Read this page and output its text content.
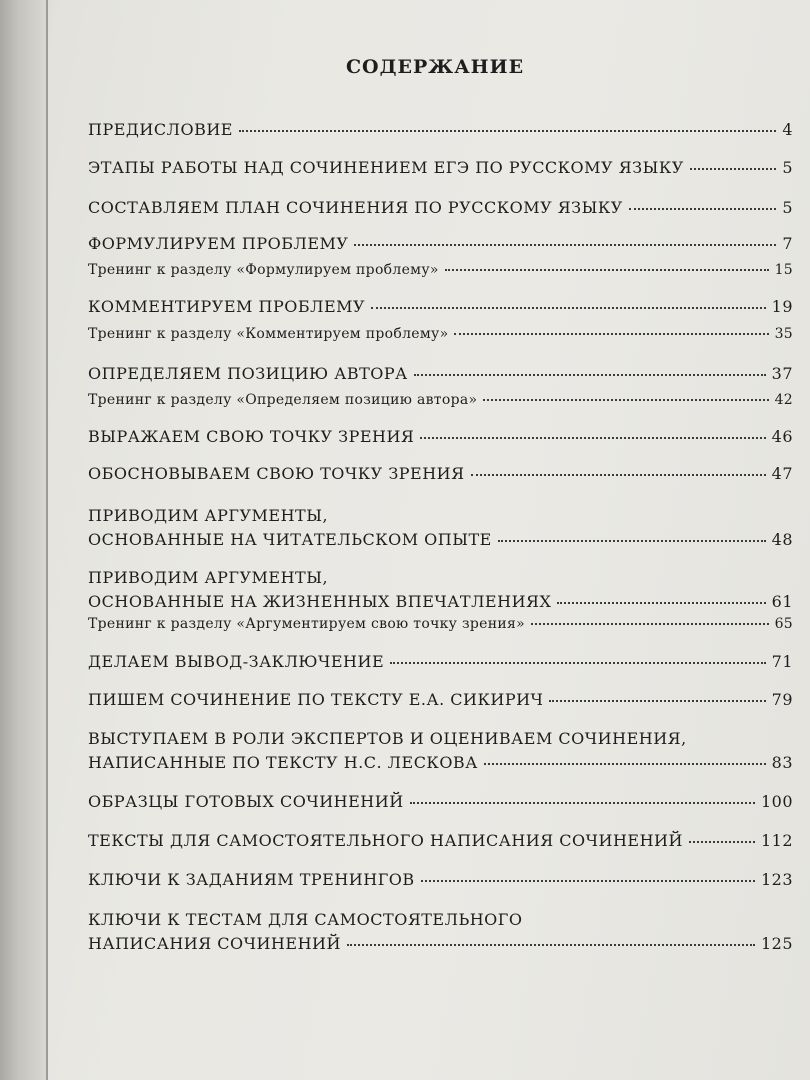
СОДЕРЖАНИЕ
ПРЕДИСЛОВИЕ	4
ЭТАПЫ РАБОТЫ НАД СОЧИНЕНИЕМ ЕГЭ ПО РУССКОМУ ЯЗЫКУ	5
СОСТАВЛЯЕМ ПЛАН СОЧИНЕНИЯ ПО РУССКОМУ ЯЗЫКУ	5
ФОРМУЛИРУЕМ ПРОБЛЕМУ	7
Тренинг к разделу «Формулируем проблему»	15
КОММЕНТИРУЕМ ПРОБЛЕМУ	19
Тренинг к разделу «Комментируем проблему»	35
ОПРЕДЕЛЯЕМ ПОЗИЦИЮ АВТОРА	37
Тренинг к разделу «Определяем позицию автора»	42
ВЫРАЖАЕМ СВОЮ ТОЧКУ ЗРЕНИЯ	46
ОБОСНОВЫВАЕМ СВОЮ ТОЧКУ ЗРЕНИЯ	47
ПРИВОДИМ АРГУМЕНТЫ,
ОСНОВАННЫЕ НА ЧИТАТЕЛЬСКОМ ОПЫТЕ	48
ПРИВОДИМ АРГУМЕНТЫ,
ОСНОВАННЫЕ НА ЖИЗНЕННЫХ ВПЕЧАТЛЕНИЯХ	61
Тренинг к разделу «Аргументируем свою точку зрения»	65
ДЕЛАЕМ ВЫВОД-ЗАКЛЮЧЕНИЕ	71
ПИШЕМ СОЧИНЕНИЕ ПО ТЕКСТУ Е.А. СИКИРИЧ	79
ВЫСТУПАЕМ В РОЛИ ЭКСПЕРТОВ И ОЦЕНИВАЕМ СОЧИНЕНИЯ,
НАПИСАННЫЕ ПО ТЕКСТУ Н.С. ЛЕСКОВА	83
ОБРАЗЦЫ ГОТОВЫХ СОЧИНЕНИЙ	100
ТЕКСТЫ ДЛЯ САМОСТОЯТЕЛЬНОГО НАПИСАНИЯ СОЧИНЕНИЙ	112
КЛЮЧИ К ЗАДАНИЯМ ТРЕНИНГОВ	123
КЛЮЧИ К ТЕСТАМ ДЛЯ САМОСТОЯТЕЛЬНОГО
НАПИСАНИЯ СОЧИНЕНИЙ	125
